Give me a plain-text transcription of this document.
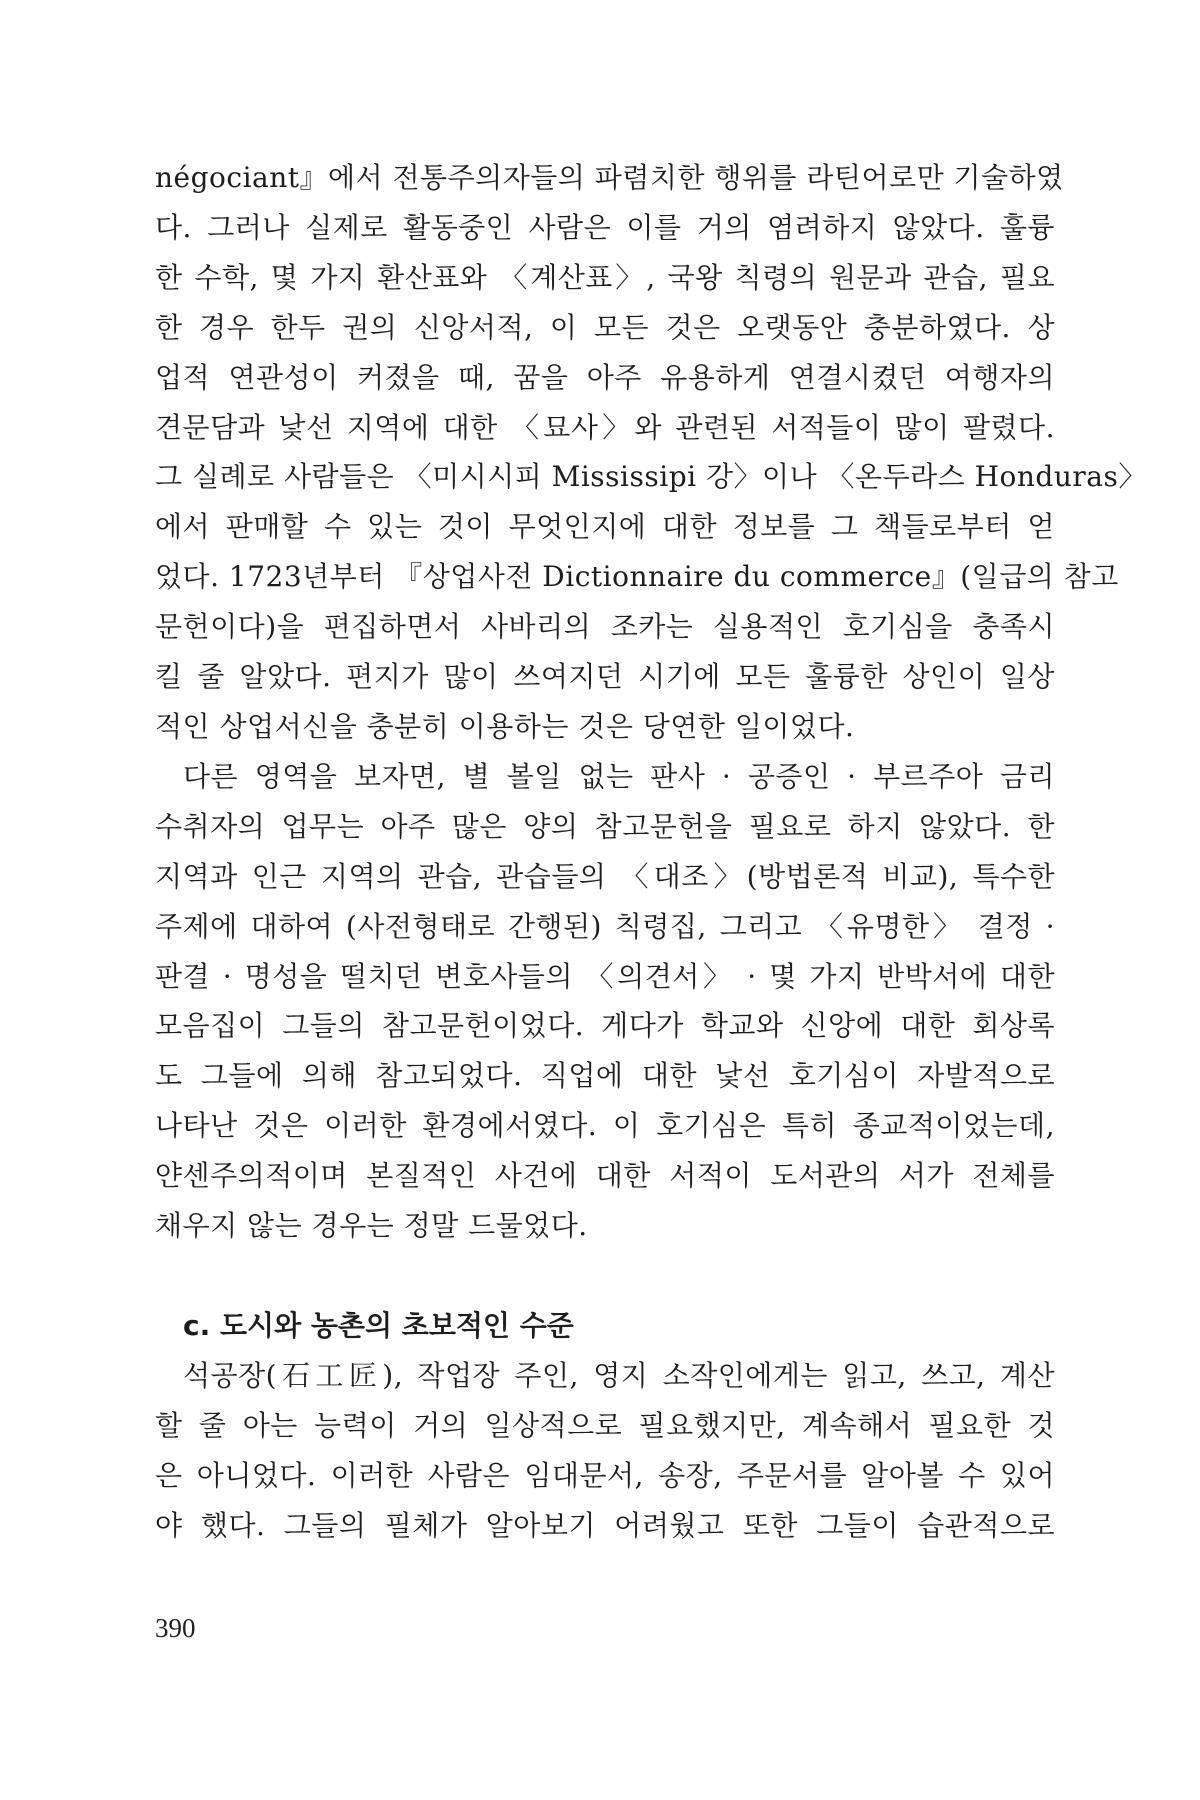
négociant』에서 전통주의자들의 파렴치한 행위를 라틴어로만 기술하였
다. 그러나 실제로 활동중인 사람은 이를 거의 염려하지 않았다. 훌륭
한 수학, 몇 가지 환산표와 〈계산표〉, 국왕 칙령의 원문과 관습, 필요
한 경우 한두 권의 신앙서적, 이 모든 것은 오랫동안 충분하였다. 상
업적 연관성이 커졌을 때, 꿈을 아주 유용하게 연결시켰던 여행자의
견문담과 낯선 지역에 대한 〈묘사〉와 관련된 서적들이 많이 팔렸다.
그 실례로 사람들은 〈미시시피 Mississipi 강〉이나 〈온두라스 Honduras〉
에서 판매할 수 있는 것이 무엇인지에 대한 정보를 그 책들로부터 얻
었다. 1723년부터 『상업사전 Dictionnaire du commerce』(일급의 참고
문헌이다)을 편집하면서 사바리의 조카는 실용적인 호기심을 충족시
킬 줄 알았다. 편지가 많이 쓰여지던 시기에 모든 훌륭한 상인이 일상
적인 상업서신을 충분히 이용하는 것은 당연한 일이었다.

다른 영역을 보자면, 별 볼일 없는 판사 · 공증인 · 부르주아 금리
수취자의 업무는 아주 많은 양의 참고문헌을 필요로 하지 않았다. 한
지역과 인근 지역의 관습, 관습들의 〈대조〉(방법론적 비교), 특수한
주제에 대하여 (사전형태로 간행된) 칙령집, 그리고 〈유명한〉 결정 ·
판결 · 명성을 떨치던 변호사들의 〈의견서〉 · 몇 가지 반박서에 대한
모음집이 그들의 참고문헌이었다. 게다가 학교와 신앙에 대한 회상록
도 그들에 의해 참고되었다. 직업에 대한 낯선 호기심이 자발적으로
나타난 것은 이러한 환경에서였다. 이 호기심은 특히 종교적이었는데,
얀센주의적이며 본질적인 사건에 대한 서적이 도서관의 서가 전체를
채우지 않는 경우는 정말 드물었다.

c. 도시와 농촌의 초보적인 수준

석공장(石工匠), 작업장 주인, 영지 소작인에게는 읽고, 쓰고, 계산
할 줄 아는 능력이 거의 일상적으로 필요했지만, 계속해서 필요한 것
은 아니었다. 이러한 사람은 임대문서, 송장, 주문서를 알아볼 수 있어
야 했다. 그들의 필체가 알아보기 어려웠고 또한 그들이 습관적으로

390
